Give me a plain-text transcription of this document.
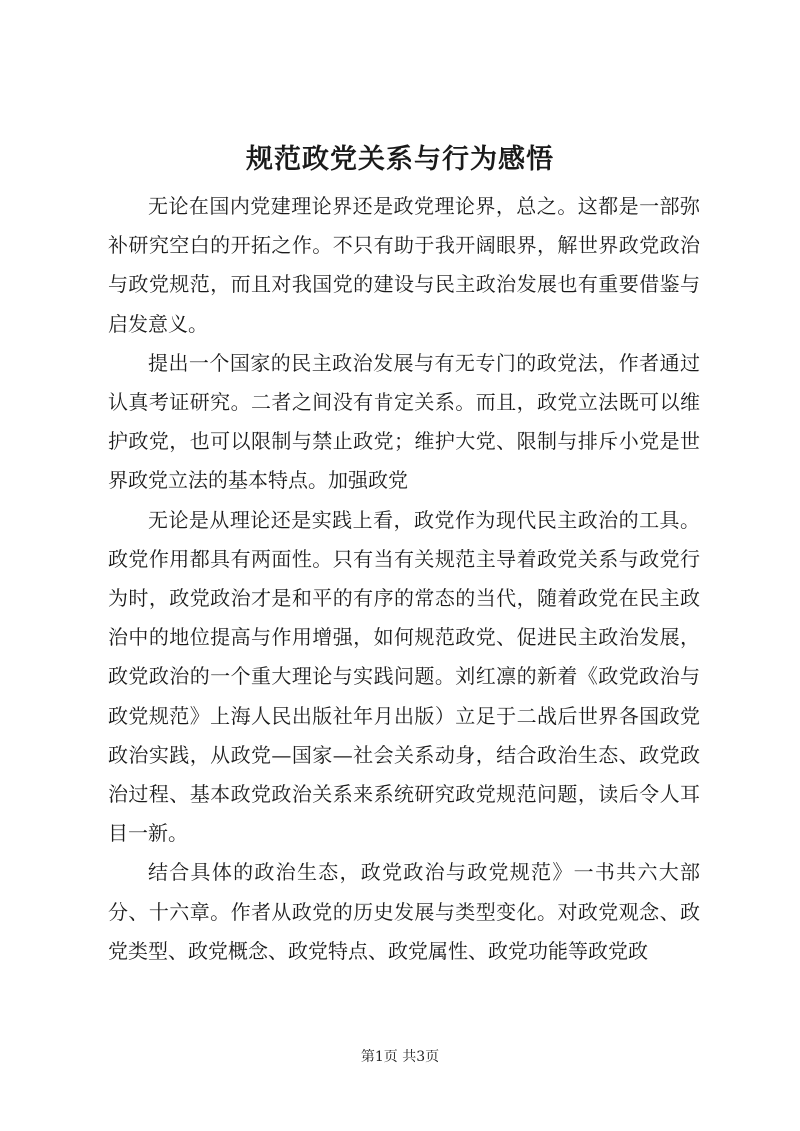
规范政党关系与行为感悟

无论在国内党建理论界还是政党理论界，总之。这都是一部弥补研究空白的开拓之作。不只有助于我开阔眼界，解世界政党政治与政党规范，而且对我国党的建设与民主政治发展也有重要借鉴与启发意义。

提出一个国家的民主政治发展与有无专门的政党法，作者通过认真考证研究。二者之间没有肯定关系。而且，政党立法既可以维护政党，也可以限制与禁止政党；维护大党、限制与排斥小党是世界政党立法的基本特点。加强政党

无论是从理论还是实践上看，政党作为现代民主政治的工具。政党作用都具有两面性。只有当有关规范主导着政党关系与政党行为时，政党政治才是和平的有序的常态的当代，随着政党在民主政治中的地位提高与作用增强，如何规范政党、促进民主政治发展，政党政治的一个重大理论与实践问题。刘红凛的新着《政党政治与政党规范》上海人民出版社年月出版）立足于二战后世界各国政党政治实践，从政党—国家—社会关系动身，结合政治生态、政党政治过程、基本政党政治关系来系统研究政党规范问题，读后令人耳目一新。

结合具体的政治生态，政党政治与政党规范》一书共六大部分、十六章。作者从政党的历史发展与类型变化。对政党观念、政党类型、政党概念、政党特点、政党属性、政党功能等政党政

第1页 共3页
